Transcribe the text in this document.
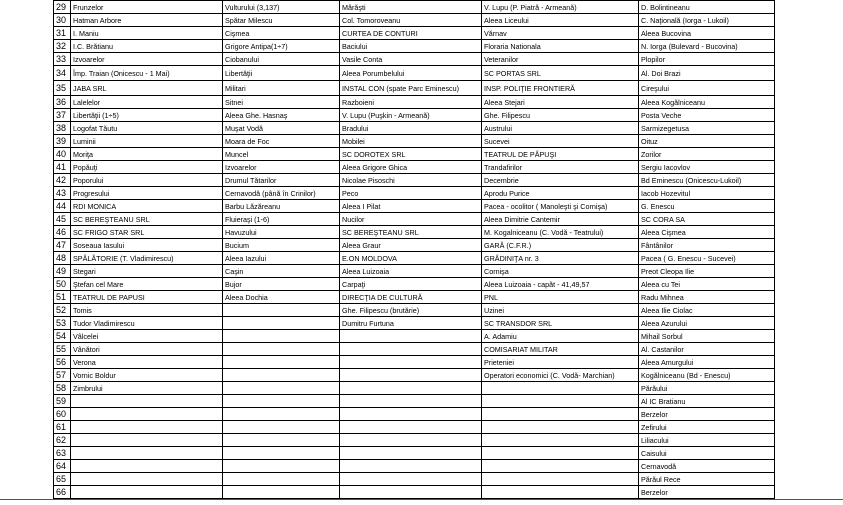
29	Frunzelor	Vulturului (3,137)	Mărăşti	V. Lupu (P. Piatră - Armeană)	D. Bolintineanu
30	Hatman Arbore	Spătar Milescu	Col. Tomoroveanu	Aleea Liceului	C. Naţională (Iorga - Lukoil)
31	I. Maniu	Cişmea	CURTEA DE CONTURI	Vărnav	Aleea Bucovina
32	I.C. Brătianu	Grigore Antipa(1÷7)	Baciului	Floraria Nationala	N. Iorga (Bulevard - Bucovina)
33	Izvoarelor	Ciobanului	Vasile Conta	Veteranilor	Plopilor
34	Împ. Traian (Onicescu - 1 Mai)	Libertăţii	Aleea Porumbelului	SC PORTAS SRL	Al. Doi Brazi
35	JABA SRL	Militari	INSTAL CON (spate Parc Eminescu)	INSP. POLIŢIE FRONTIERĂ	Cireşului
36	Lalelelor	Sitnei	Razboieni	Aleea Stejari	Aleea Kogălniceanu
37	Libertăţii (1÷5)	Aleea Ghe. Hasnaş	V. Lupu (Puşkin - Armeană)	Ghe. Filipescu	Posta Veche
38	Logofat Tăutu	Muşat Vodă	Bradului	Austrului	Sarmizegetusa
39	Luminii	Moara de Foc	Mobilei	Sucevei	Oituz
40	Moriţa	Muncel	SC DOROTEX SRL	TEATRUL DE PĂPUŞI	Zorilor
41	Popăuţi	Izvoarelor	Aleea Grigore Ghica	Trandafirilor	Sergiu Iacovlov
42	Poporului	Drumul Tătarilor	Nicolae Pisoschi	Decembrie	Bd Eminescu (Onicescu-Lukoil)
43	Progresului	Cernavodă (până în Crinilor)	Peco	Aprodu Purice	Iacob Hozevitul
44	RDI MONICA	Barbu Lăzăreanu	Aleea I Pilat	Pacea - ocolitor ( Manoleşti şi Cornişa)	G. Enescu
45	SC BEREŞTEANU SRL	Fluieraşi (1-6)	Nucilor	Aleea Dimitrie Cantemir	SC CORA SA
46	SC FRIGO STAR SRL	Havuzului	SC BEREŞTEANU SRL	M. Kogalniceanu (C. Vodă - Teatrului)	Aleea Cişmea
47	Soseaua Iasului	Bucium	Aleea Graur	GARĂ (C.F.R.)	Fântânilor
48	SPĂLĂTORIE (T. Vladimirescu)	Aleea Iazului	E.ON MOLDOVA	GRĂDINIŢA nr. 3	Pacea ( G. Enescu - Sucevei)
49	Stegari	Caşin	Aleea Luizoaia	Cornişa	Preot Cleopa Ilie
50	Ştefan cel Mare	Bujor	Carpaţi	Aleea Luizoaia - capăt - 41,49,57	Aleea cu Tei
51	TEATRUL DE PAPUSI	Aleea Dochia	DIRECŢIA DE CULTURĂ	PNL	Radu Mihnea
52	Tomis		Ghe. Filipescu (brutărie)	Uzinei	Aleea Ilie Ciolac
53	Tudor Vladimirescu		Dumitru Furtuna	SC TRANSDOR SRL	Aleea Azurului
54	Vâlcelei			A. Adamiu	Mihail Sorbul
55	Vânători			COMISARIAT MILITAR	Al. Castanilor
56	Verona			Prieteniei	Aleea Amurgului
57	Vornic Boldur			Operatori economici (C. Vodă- Marchian)	Kogălniceanu (Bd - Enescu)
58	Zimbrului				Părăului
59					Al IC Bratianu
60					Berzelor
61					Zefirului
62					Liliacului
63					Caisului
64					Cernavodă
65					Părăul Rece
66					Berzelor
